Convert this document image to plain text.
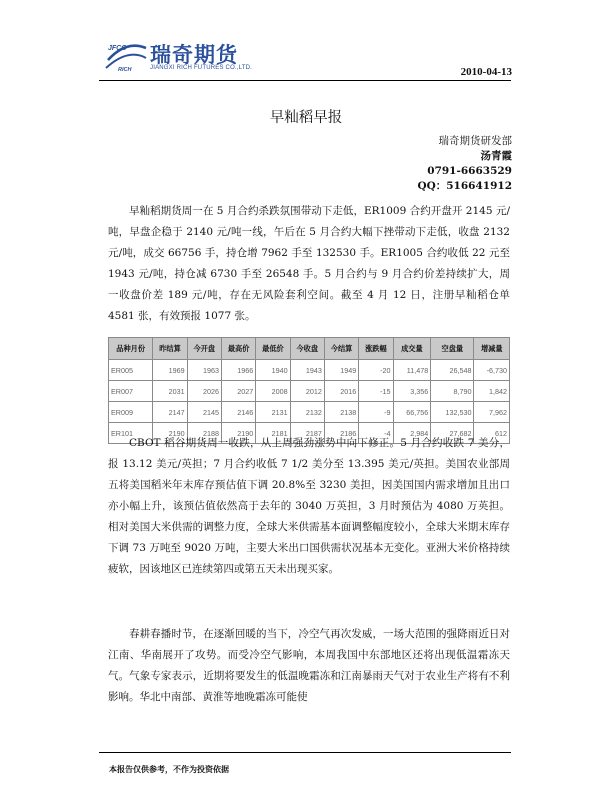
JFCO
RICH
瑞奇期货
JIANGXI RICH FUTURES CO.,LTD.	2010-04-13
早籼稻早报
瑞奇期货研发部
汤青霞
0791-6663529
QQ：516641912

早籼稻期货周一在 5 月合约杀跌氛围带动下走低，ER1009 合约开盘开 2145 元/吨，早盘企稳于 2140 元/吨一线，午后在 5 月合约大幅下挫带动下走低，收盘 2132 元/吨，成交 66756 手，持仓增 7962 手至 132530 手。ER1005 合约收低 22 元至 1943 元/吨，持仓减 6730 手至 26548 手。5 月合约与 9 月合约价差持续扩大，周一收盘价差 189 元/吨，存在无风险套利空间。截至 4 月 12 日，注册早籼稻仓单 4581 张，有效预报 1077 张。

品种月份	昨结算	今开盘	最高价	最低价	今收盘	今结算	涨跌幅	成交量	空盘量	增减量
ER005	1969	1963	1966	1940	1943	1949	-20	11,478	26,548	-6,730
ER007	2031	2026	2027	2008	2012	2016	-15	3,356	8,790	1,842
ER009	2147	2145	2146	2131	2132	2138	-9	66,756	132,530	7,962
ER101	2190	2188	2190	2181	2187	2186	-4	2,984	27,682	612

CBOT 稻谷期货周一收跌，从上周强劲涨势中向下修正。5 月合约收跌 7 美分，报 13.12 美元/英担；7 月合约收低 7 1/2 美分至 13.395 美元/英担。美国农业部周五将美国稻米年末库存预估值下调 20.8%至 3230 美担，因美国国内需求增加且出口亦小幅上升，该预估值依然高于去年的 3040 万英担，3 月时预估为 4080 万英担。相对美国大米供需的调整力度，全球大米供需基本面调整幅度较小，全球大米期末库存下调 73 万吨至 9020 万吨，主要大米出口国供需状况基本无变化。亚洲大米价格持续疲软，因该地区已连续第四或第五天未出现买家。

春耕春播时节，在逐渐回暖的当下，冷空气再次发威，一场大范围的强降雨近日对江南、华南展开了攻势。而受冷空气影响，本周我国中东部地区还将出现低温霜冻天气。气象专家表示，近期将要发生的低温晚霜冻和江南暴雨天气对于农业生产将有不利影响。华北中南部、黄淮等地晚霜冻可能使

本报告仅供参考，不作为投资依据
